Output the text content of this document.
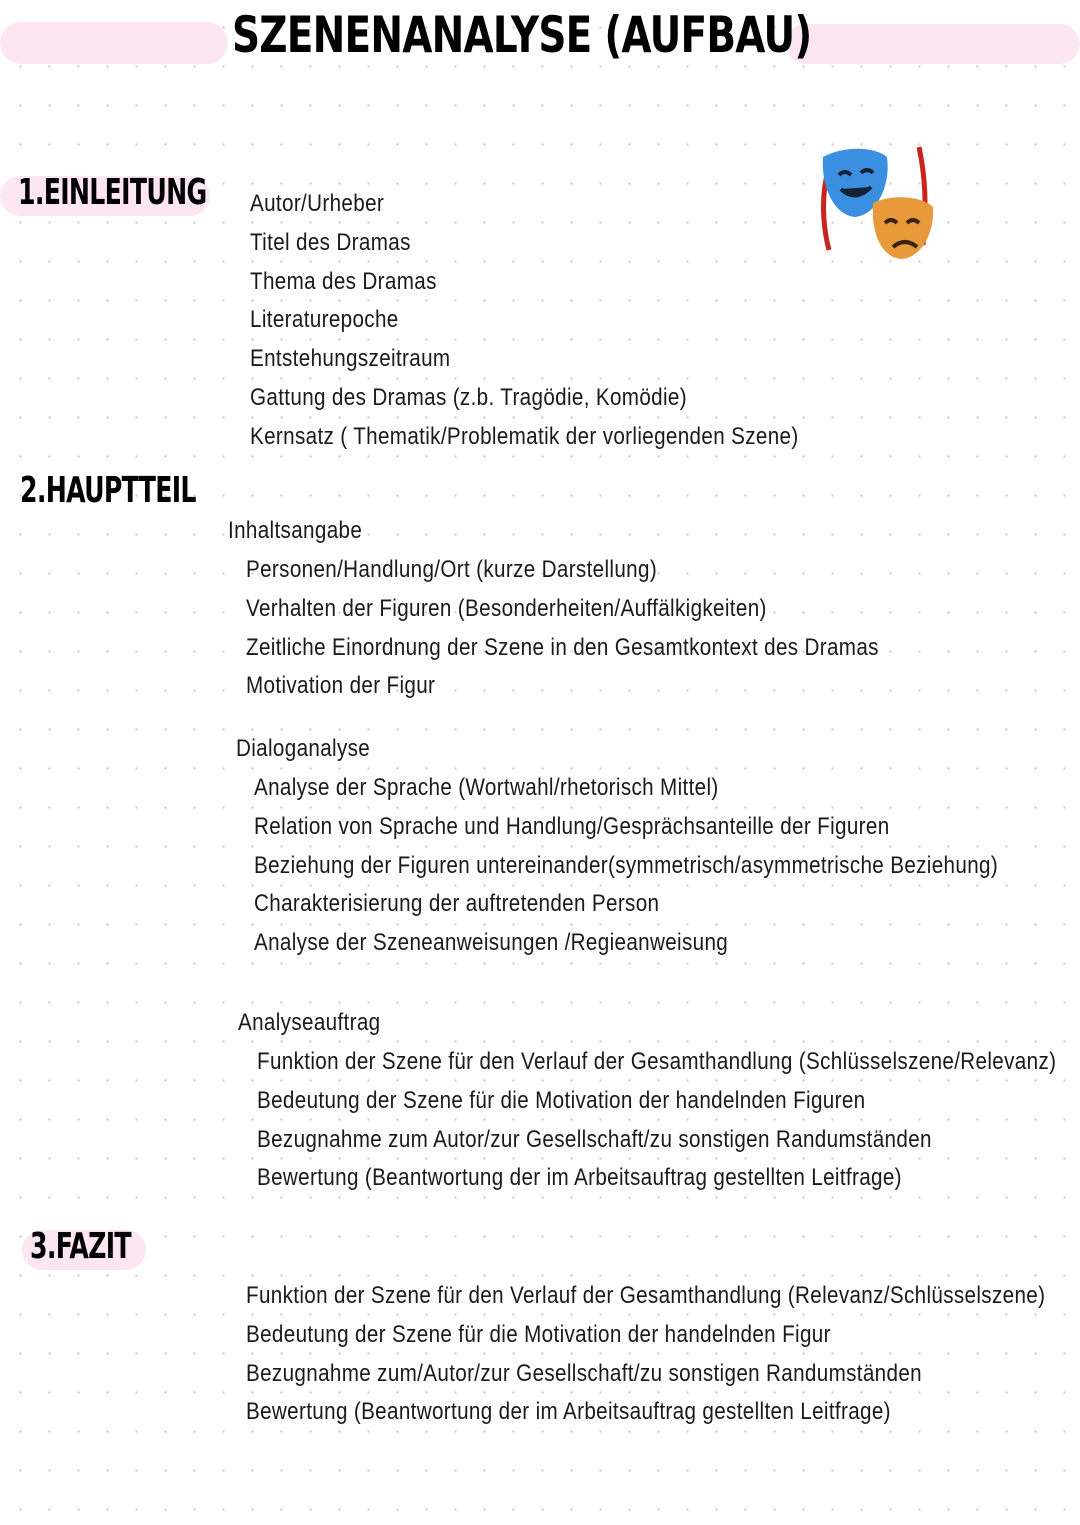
SZENENANALYSE (AUFBAU)
1.EINLEITUNG
2.HAUPTTEIL
3.FAZIT
Autor/Urheber
Titel des Dramas
Thema des Dramas
Literaturepoche
Entstehungszeitraum
Gattung des Dramas (z.b. Tragödie, Komödie)
Kernsatz ( Thematik/Problematik der vorliegenden Szene)
Inhaltsangabe
Personen/Handlung/Ort (kurze Darstellung)
Verhalten der Figuren (Besonderheiten/Auffälkigkeiten)
Zeitliche Einordnung der Szene in den Gesamtkontext des Dramas
Motivation der Figur
Dialoganalyse
Analyse der Sprache (Wortwahl/rhetorisch Mittel)
Relation von Sprache und Handlung/Gesprächsanteille der Figuren
Beziehung der Figuren untereinander(symmetrisch/asymmetrische Beziehung)
Charakterisierung der auftretenden Person
Analyse der Szeneanweisungen /Regieanweisung
Analyseauftrag
Funktion der Szene für den Verlauf der Gesamthandlung (Schlüsselszene/Relevanz)
Bedeutung der Szene für die Motivation der handelnden Figuren
Bezugnahme zum Autor/zur Gesellschaft/zu sonstigen Randumständen
Bewertung (Beantwortung der im Arbeitsauftrag gestellten Leitfrage)
Funktion der Szene für den Verlauf der Gesamthandlung (Relevanz/Schlüsselszene)
Bedeutung der Szene für die Motivation der handelnden Figur
Bezugnahme zum/Autor/zur Gesellschaft/zu sonstigen Randumständen
Bewertung (Beantwortung der im Arbeitsauftrag gestellten Leitfrage)
